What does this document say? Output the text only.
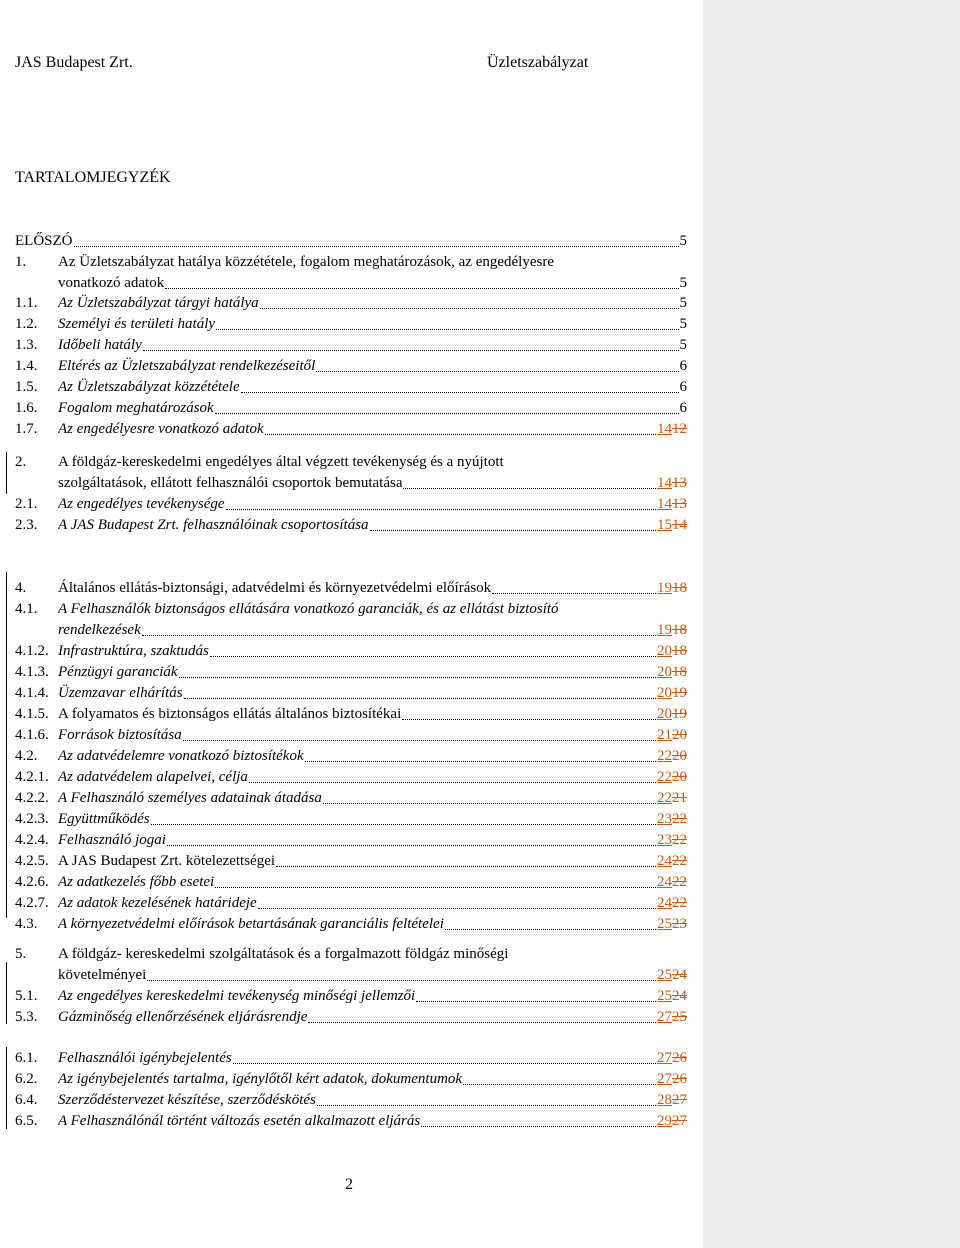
JAS Budapest Zrt.	Üzletszabályzat
TARTALOMJEGYZÉK
ELŐSZÓ	5
1.	Az Üzletszabályzat hatálya közzététele, fogalom meghatározások, az engedélyesre
vonatkozó adatok	5
1.1.	Az Üzletszabályzat tárgyi hatálya	5
1.2.	Személyi és területi hatály	5
1.3.	Időbeli hatály	5
1.4.	Eltérés az Üzletszabályzat rendelkezéseitől	6
1.5.	Az Üzletszabályzat közzététele	6
1.6.	Fogalom meghatározások	6
1.7.	Az engedélyesre vonatkozó adatok	14 12
2.	A földgáz-kereskedelmi engedélyes által végzett tevékenység és a nyújtott
szolgáltatások, ellátott felhasználói csoportok bemutatása	14 13
2.1.	Az engedélyes tevékenysége	14 13
2.3.	A JAS Budapest Zrt. felhasználóinak csoportosítása	15 14
4.	Általános ellátás-biztonsági, adatvédelmi és környezetvédelmi előírások	19 18
4.1.	A Felhasználók biztonságos ellátására vonatkozó garanciák, és az ellátást biztosító
rendelkezések	19 18
4.1.2. Infrastruktúra, szaktudás	20 18
4.1.3. Pénzügyi garanciák	20 18
4.1.4. Üzemzavar elhárítás	20 19
4.1.5. A folyamatos és biztonságos ellátás általános biztosítékai	20 19
4.1.6. Források biztosítása	21 20
4.2.	Az adatvédelemre vonatkozó biztosítékok	22 20
4.2.1. Az adatvédelem alapelvei, célja	22 20
4.2.2. A Felhasználó személyes adatainak átadása	22 21
4.2.3. Együttműködés	23 22
4.2.4. Felhasználó jogai	23 22
4.2.5. A JAS Budapest Zrt. kötelezettségei	24 22
4.2.6. Az adatkezelés főbb esetei	24 22
4.2.7. Az adatok kezelésének határideje	24 22
4.3.	A környezetvédelmi előírások betartásának garanciális feltételei	25 23
5.	A földgáz- kereskedelmi szolgáltatások és a forgalmazott földgáz minőségi
követelményei	25 24
5.1.	Az engedélyes kereskedelmi tevékenység minőségi jellemzői	25 24
5.3.	Gázminőség ellenőrzésének eljárásrendje	27 25
6.1.	Felhasználói igénybejelentés	27 26
6.2.	Az igénybejelentés tartalma, igénylőtől kért adatok, dokumentumok	27 26
6.4.	Szerződéstervezet készítése, szerződéskötés	28 27
6.5.	A Felhasználónál történt változás esetén alkalmazott eljárás	29 27
2
